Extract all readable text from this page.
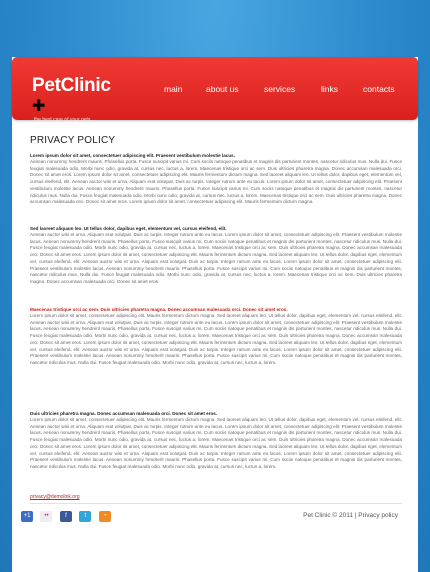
PetClinic
✚
the best care of your pets
main	about us	services	links	contacts
PRIVACY POLICY
Lorem ipsum dolor sit amet, consectetuer adipiscing elit. Praesent vestibulum molestie lacus.
Aenean nonummy hendrerit mauris. Phasellus porta. Fusce suscipit varius mi. Cum sociis natoque penatibus et magnis dis parturient montes, nascetur ridiculus mus. Nulla dui. Fusce feugiat malesuada odio. Morbi nunc odio, gravida at, cursus nec, luctus a, lorem. Maecenas tristique orci ac sem. Duis ultricies pharetra magna. Donec accumsan malesuada orci. Donec sit amet eros. Lorem ipsum dolor sit amet, consectetuer adipiscing elit. Mauris fermentum dictum magna. Sed laoreet aliquam leo. Ut tellus dolor, dapibus eget, elementum vel, cursus eleifend, elit. Aenean auctor wisi et urna. Aliquam erat volutpat. Duis ac turpis. Integer rutrum ante eu lacus. Lorem ipsum dolor sit amet, consectetuer adipiscing elit. Praesent vestibulum molestie lacus. Aenean nonummy hendrerit mauris. Phasellus porta. Fusce suscipit varius mi. Cum sociis natoque penatibus et magnis dis parturient montes, nascetur ridiculus mus. Nulla dui. Fusce feugiat malesuada odio. Morbi nunc odio, gravida at, cursus nec, luctus a, lorem. Maecenas tristique orci ac sem. Duis ultricies pharetra magna. Donec accumsan malesuada orci. Donec sit amet eros. Lorem ipsum dolor sit amet, consectetuer adipiscing elit. Mauris fermentum dictum magna.
Sed laoreet aliquam leo. Ut tellus dolor, dapibus eget, elementum vel, cursus eleifend, elit.
Aenean auctor wisi et urna. Aliquam erat volutpat. Duis ac turpis. Integer rutrum ante eu lacus. Lorem ipsum dolor sit amet, consectetuer adipiscing elit. Praesent vestibulum molestie lacus. Aenean nonummy hendrerit mauris. Phasellus porta. Fusce suscipit varius mi. Cum sociis natoque penatibus et magnis dis parturient montes, nascetur ridiculus mus. Nulla dui. Fusce feugiat malesuada odio. Morbi nunc odio, gravida at, cursus nec, luctus a, lorem. Maecenas tristique orci ac sem. Duis ultricies pharetra magna. Donec accumsan malesuada orci. Donec sit amet eros. Lorem ipsum dolor sit amet, consectetuer adipiscing elit. Mauris fermentum dictum magna. Sed laoreet aliquam leo. Ut tellus dolor, dapibus eget, elementum vel, cursus eleifend, elit. Aenean auctor wisi et urna. Aliquam erat volutpat. Duis ac turpis. Integer rutrum ante eu lacus. Lorem ipsum dolor sit amet, consectetuer adipiscing elit. Praesent vestibulum molestie lacus. Aenean nonummy hendrerit mauris. Phasellus porta. Fusce suscipit varius mi. Cum sociis natoque penatibus et magnis dis parturient montes, nascetur ridiculus mus. Nulla dui. Fusce feugiat malesuada odio. Morbi nunc odio, gravida at, cursus nec, luctus a, lorem. Maecenas tristique orci ac sem. Duis ultricies pharetra magna. Donec accumsan malesuada orci. Donec sit amet eros.
Maecenas tristique orci ac sem. Duis ultricies pharetra magna. Donec accumsan malesuada orci. Donec sit amet eros.
Lorem ipsum dolor sit amet, consectetuer adipiscing elit. Mauris fermentum dictum magna. Sed laoreet aliquam leo. Ut tellus dolor, dapibus eget, elementum vel, cursus eleifend, elit. Aenean auctor wisi et urna. Aliquam erat volutpat. Duis ac turpis. Integer rutrum ante eu lacus. Lorem ipsum dolor sit amet, consectetuer adipiscing elit. Praesent vestibulum molestie lacus. Aenean nonummy hendrerit mauris. Phasellus porta. Fusce suscipit varius mi. Cum sociis natoque penatibus et magnis dis parturient montes, nascetur ridiculus mus. Nulla dui. Fusce feugiat malesuada odio. Morbi nunc odio, gravida at, cursus nec, luctus a, lorem. Maecenas tristique orci ac sem. Duis ultricies pharetra magna. Donec accumsan malesuada orci. Donec sit amet eros. Lorem ipsum dolor sit amet, consectetuer adipiscing elit. Mauris fermentum dictum magna. Sed laoreet aliquam leo. Ut tellus dolor, dapibus eget, elementum vel, cursus eleifend, elit. Aenean auctor wisi et urna. Aliquam erat volutpat. Duis ac turpis. Integer rutrum ante eu lacus. Lorem ipsum dolor sit amet, consectetuer adipiscing elit. Praesent vestibulum molestie lacus. Aenean nonummy hendrerit mauris. Phasellus porta. Fusce suscipit varius mi. Cum sociis natoque penatibus et magnis dis parturient montes, nascetur ridiculus mus. Nulla dui. Fusce feugiat malesuada odio. Morbi nunc odio, gravida at, cursus nec, luctus a, lorem.
Duis ultricies pharetra magna. Donec accumsan malesuada orci. Donec sit amet eros.
Lorem ipsum dolor sit amet, consectetuer adipiscing elit. Mauris fermentum dictum magna. Sed laoreet aliquam leo. Ut tellus dolor, dapibus eget, elementum vel, cursus eleifend, elit. Aenean auctor wisi et urna. Aliquam erat volutpat. Duis ac turpis. Integer rutrum ante eu lacus. Lorem ipsum dolor sit amet, consectetuer adipiscing elit. Praesent vestibulum molestie lacus. Aenean nonummy hendrerit mauris. Phasellus porta. Fusce suscipit varius mi. Cum sociis natoque penatibus et magnis dis parturient montes, nascetur ridiculus mus. Nulla dui. Fusce feugiat malesuada odio. Morbi nunc odio, gravida at, cursus nec, luctus a, lorem. Maecenas tristique orci ac sem. Duis ultricies pharetra magna. Donec accumsan malesuada orci. Donec sit amet eros. Lorem ipsum dolor sit amet, consectetuer adipiscing elit. Mauris fermentum dictum magna. Sed laoreet aliquam leo. Ut tellus dolor, dapibus eget, elementum vel, cursus eleifend, elit. Aenean auctor wisi et urna. Aliquam erat volutpat. Duis ac turpis. Integer rutrum ante eu lacus. Lorem ipsum dolor sit amet, consectetuer adipiscing elit. Praesent vestibulum molestie lacus. Aenean nonummy hendrerit mauris. Phasellus porta. Fusce suscipit varius mi. Cum sociis natoque penatibus et magnis dis parturient montes, nascetur ridiculus mus. Nulla dui. Fusce feugiat malesuada odio. Morbi nunc odio, gravida at, cursus nec, luctus a, lorem.
privacy@demolink.org
+1 ••	f	t	◔	Pet Clinic © 2011 | Privacy policy
